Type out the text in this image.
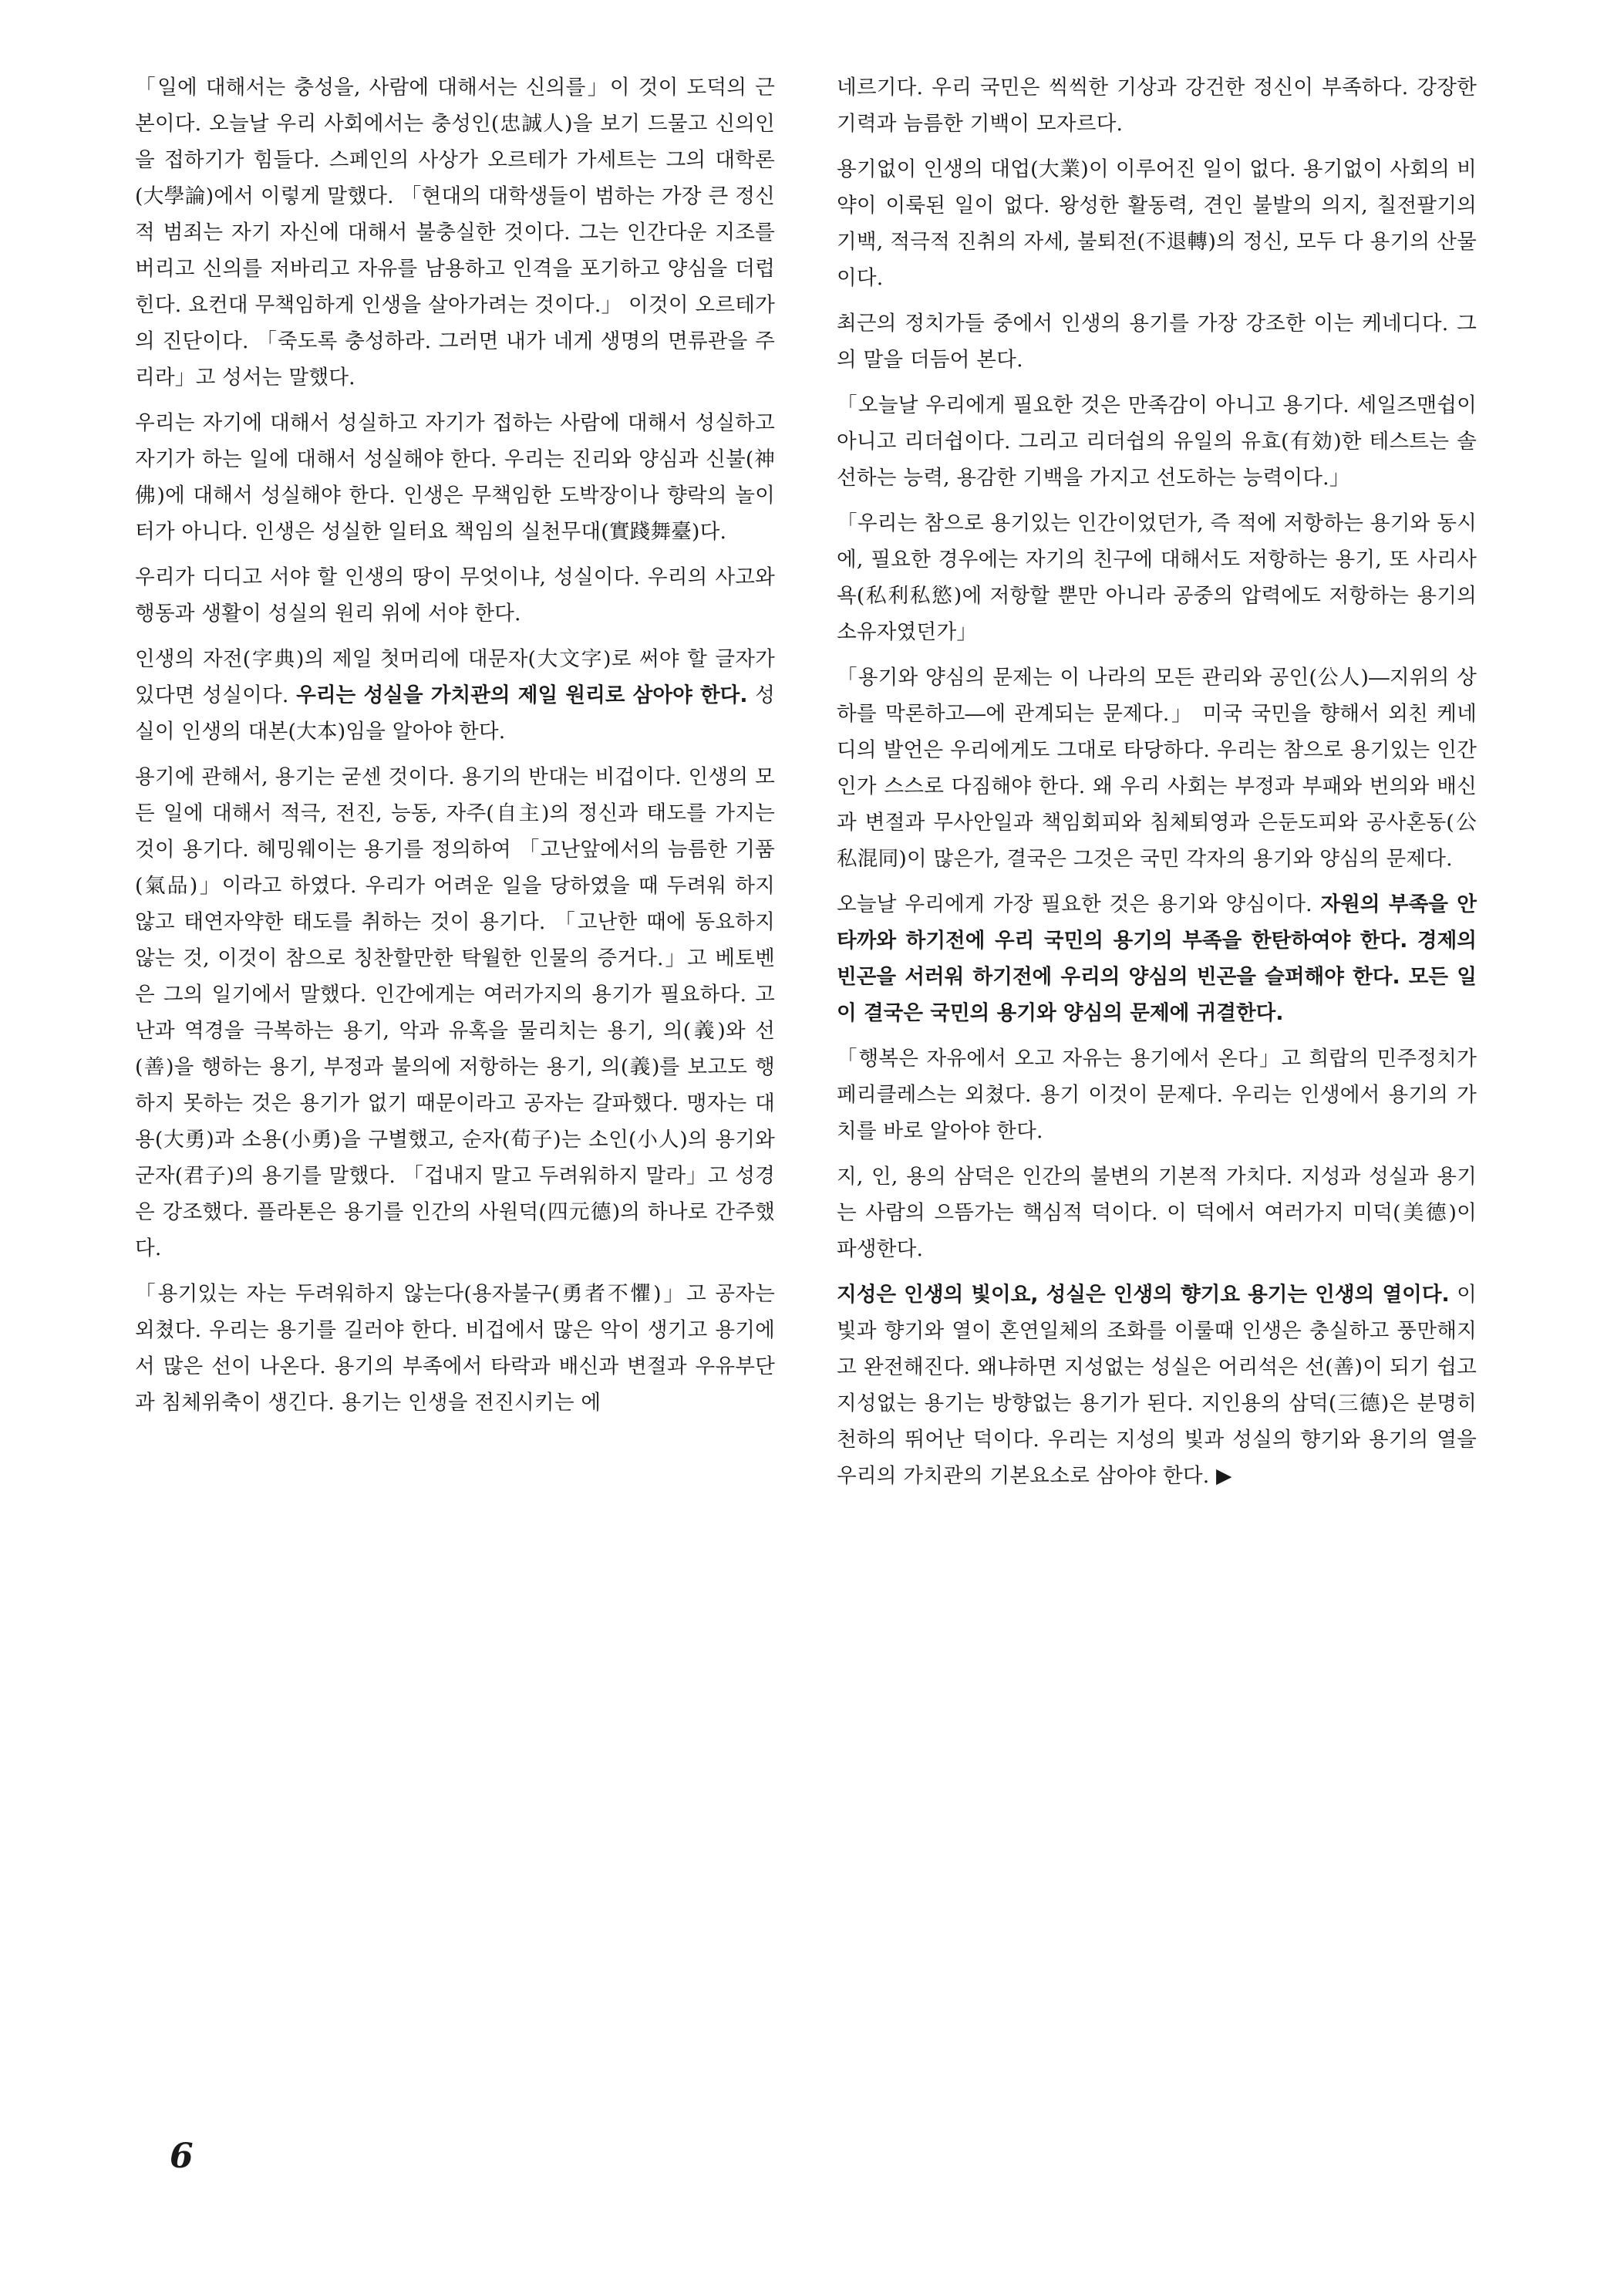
「일에 대해서는 충성을, 사람에 대해서는 신의를」이 것이 도덕의 근본이다. 오늘날 우리 사회에서는 충성인(忠誠人)을 보기 드물고 신의인을 접하기가 힘들다. 스페인의 사상가 오르테가 가세트는 그의 대학론(大學論)에서 이렇게 말했다. 「현대의 대학생들이 범하는 가장 큰 정신적 범죄는 자기 자신에 대해서 불충실한 것이다. 그는 인간다운 지조를 버리고 신의를 저바리고 자유를 남용하고 인격을 포기하고 양심을 더럽힌다. 요컨대 무책임하게 인생을 살아가려는 것이다.」 이것이 오르테가의 진단이다. 「죽도록 충성하라. 그러면 내가 네게 생명의 면류관을 주리라」고 성서는 말했다.

우리는 자기에 대해서 성실하고 자기가 접하는 사람에 대해서 성실하고 자기가 하는 일에 대해서 성실해야 한다. 우리는 진리와 양심과 신불(神佛)에 대해서 성실해야 한다. 인생은 무책임한 도박장이나 향락의 놀이터가 아니다. 인생은 성실한 일터요 책임의 실천무대(實踐舞臺)다.

우리가 디디고 서야 할 인생의 땅이 무엇이냐, 성실이다. 우리의 사고와 행동과 생활이 성실의 원리 위에 서야 한다.

인생의 자전(字典)의 제일 첫머리에 대문자(大文字)로 써야 할 글자가 있다면 성실이다. 우리는 성실을 가치관의 제일 원리로 삼아야 한다. 성실이 인생의 대본(大本)임을 알아야 한다.

용기에 관해서, 용기는 굳센 것이다. 용기의 반대는 비겁이다. 인생의 모든 일에 대해서 적극, 전진, 능동, 자주(自主)의 정신과 태도를 가지는 것이 용기다. 헤밍웨이는 용기를 정의하여 「고난앞에서의 늠름한 기품(氣品)」이라고 하였다. 우리가 어려운 일을 당하였을 때 두려워 하지 않고 태연자약한 태도를 취하는 것이 용기다. 「고난한 때에 동요하지 않는 것, 이것이 참으로 칭찬할만한 탁월한 인물의 증거다.」고 베토벤은 그의 일기에서 말했다. 인간에게는 여러가지의 용기가 필요하다. 고난과 역경을 극복하는 용기, 악과 유혹을 물리치는 용기, 의(義)와 선(善)을 행하는 용기, 부정과 불의에 저항하는 용기, 의(義)를 보고도 행하지 못하는 것은 용기가 없기 때문이라고 공자는 갈파했다. 맹자는 대용(大勇)과 소용(小勇)을 구별했고, 순자(荀子)는 소인(小人)의 용기와 군자(君子)의 용기를 말했다. 「겁내지 말고 두려워하지 말라」고 성경은 강조했다. 플라톤은 용기를 인간의 사원덕(四元德)의 하나로 간주했다.

「용기있는 자는 두려워하지 않는다(용자불구(勇者不懼)」고 공자는 외쳤다. 우리는 용기를 길러야 한다. 비겁에서 많은 악이 생기고 용기에서 많은 선이 나온다. 용기의 부족에서 타락과 배신과 변절과 우유부단과 침체위축이 생긴다. 용기는 인생을 전진시키는 에

네르기다. 우리 국민은 씩씩한 기상과 강건한 정신이 부족하다. 강장한 기력과 늠름한 기백이 모자르다.

용기없이 인생의 대업(大業)이 이루어진 일이 없다. 용기없이 사회의 비약이 이룩된 일이 없다. 왕성한 활동력, 견인 불발의 의지, 칠전팔기의 기백, 적극적 진취의 자세, 불퇴전(不退轉)의 정신, 모두 다 용기의 산물이다.

최근의 정치가들 중에서 인생의 용기를 가장 강조한 이는 케네디다. 그의 말을 더듬어 본다.

「오늘날 우리에게 필요한 것은 만족감이 아니고 용기다. 세일즈맨쉽이 아니고 리더쉽이다. 그리고 리더쉽의 유일의 유효(有効)한 테스트는 솔선하는 능력, 용감한 기백을 가지고 선도하는 능력이다.」

「우리는 참으로 용기있는 인간이었던가, 즉 적에 저항하는 용기와 동시에, 필요한 경우에는 자기의 친구에 대해서도 저항하는 용기, 또 사리사욕(私利私慾)에 저항할 뿐만 아니라 공중의 압력에도 저항하는 용기의 소유자였던가」

「용기와 양심의 문제는 이 나라의 모든 관리와 공인(公人)―지위의 상하를 막론하고―에 관계되는 문제다.」 미국 국민을 향해서 외친 케네디의 발언은 우리에게도 그대로 타당하다. 우리는 참으로 용기있는 인간인가 스스로 다짐해야 한다. 왜 우리 사회는 부정과 부패와 번의와 배신과 변절과 무사안일과 책임회피와 침체퇴영과 은둔도피와 공사혼동(公私混同)이 많은가, 결국은 그것은 국민 각자의 용기와 양심의 문제다.

오늘날 우리에게 가장 필요한 것은 용기와 양심이다. 자원의 부족을 안타까와 하기전에 우리 국민의 용기의 부족을 한탄하여야 한다. 경제의 빈곤을 서러워 하기전에 우리의 양심의 빈곤을 슬퍼해야 한다. 모든 일이 결국은 국민의 용기와 양심의 문제에 귀결한다.

「행복은 자유에서 오고 자유는 용기에서 온다」고 희랍의 민주정치가 페리클레스는 외쳤다. 용기 이것이 문제다. 우리는 인생에서 용기의 가치를 바로 알아야 한다.

지, 인, 용의 삼덕은 인간의 불변의 기본적 가치다. 지성과 성실과 용기는 사람의 으뜸가는 핵심적 덕이다. 이 덕에서 여러가지 미덕(美德)이 파생한다.

지성은 인생의 빛이요, 성실은 인생의 향기요 용기는 인생의 열이다. 이 빛과 향기와 열이 혼연일체의 조화를 이룰때 인생은 충실하고 풍만해지고 완전해진다. 왜냐하면 지성없는 성실은 어리석은 선(善)이 되기 쉽고 지성없는 용기는 방향없는 용기가 된다. 지인용의 삼덕(三德)은 분명히 천하의 뛰어난 덕이다. 우리는 지성의 빛과 성실의 향기와 용기의 열을 우리의 가치관의 기본요소로 삼아야 한다. ▶

6
